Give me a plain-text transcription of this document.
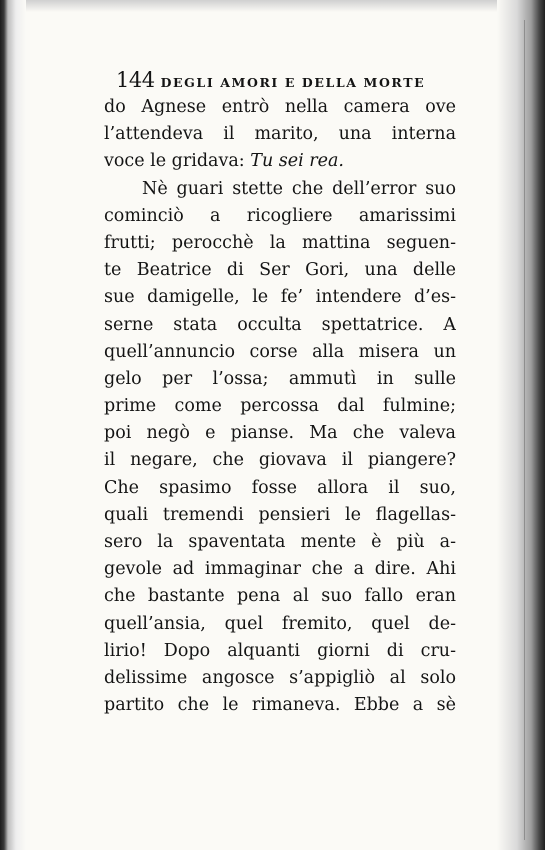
144 DEGLI AMORI E DELLA MORTE
do Agnese entrò nella camera ove
l’attendeva il marito, una interna
voce le gridava: Tu sei rea.
Nè guari stette che dell’error suo
cominciò a ricogliere amarissimi
frutti; perocchè la mattina seguen-
te Beatrice di Ser Gori, una delle
sue damigelle, le fe’ intendere d’es-
serne stata occulta spettatrice. A
quell’annuncio corse alla misera un
gelo per l’ossa; ammutì in sulle
prime come percossa dal fulmine;
poi negò e pianse. Ma che valeva
il negare, che giovava il piangere?
Che spasimo fosse allora il suo,
quali tremendi pensieri le flagellas-
sero la spaventata mente è più a-
gevole ad immaginar che a dire. Ahi
che bastante pena al suo fallo eran
quell’ansia, quel fremito, quel de-
lirio! Dopo alquanti giorni di cru-
delissime angosce s’appigliò al solo
partito che le rimaneva. Ebbe a sè
